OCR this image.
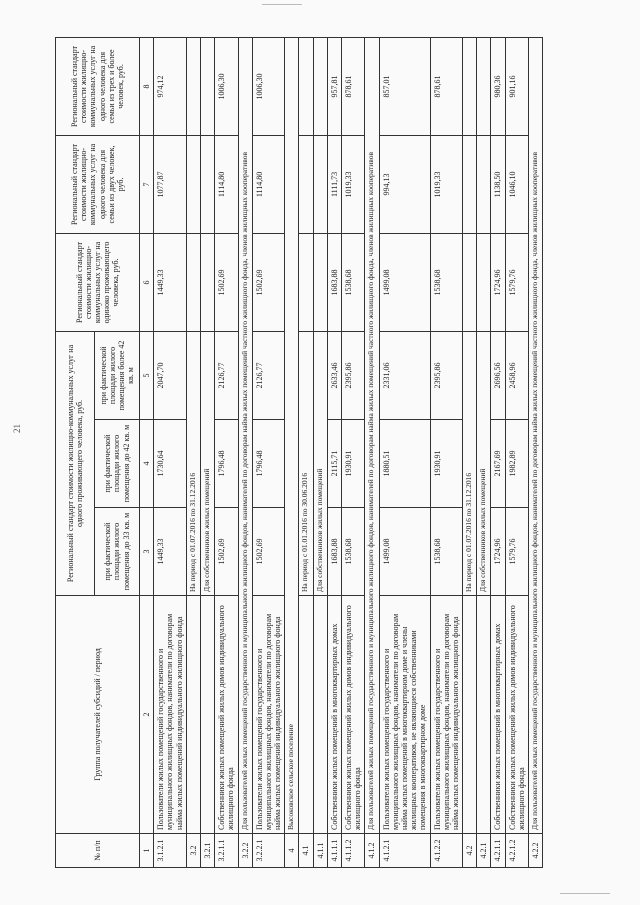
21
№ п/п	Группа получателей субсидий / период	Региональный стандарт стоимости жилищно-коммунальных услуг на одного проживающего человека, руб.			Региональный стандарт стоимости жилищно-коммунальных услуг на одиноко проживающего человека, руб.	Региональный стандарт стоимости жилищно-коммунальных услуг на одного человека для семьи из двух человек, руб.	Региональный стандарт стоимости жилищно-коммунальных услуг на одного человека для семьи из трех и более человек, руб.
		при фактической площади жилого помещения до 33 кв. м	при фактической площади жилого помещения до 42 кв. м	при фактической площади жилого помещения более 42 кв. м			
1	2	3	4	5	6	7	8
3.1.2.1	Пользователи жилых помещений государственного и муниципального жилищных фондов, наниматели по договорам найма жилых помещений индивидуального жилищного фонда	1449,33	1730,64	2047,70	1449,33	1077,87	974,12
3.2		На период с 01.07.2016 по 31.12.2016					
3.2.1		Для собственников жилых помещений					
3.2.1.1	Собственники жилых помещений жилых домов индивидуального жилищного фонда	1502,69	1796,48	2126,77	1502,69	1114,80	1006,30
3.2.2	Для пользователей жилых помещений государственного и муниципального жилищного фондов, нанимателей по договорам найма жилых помещений частного жилищного фонда, членов жилищных кооперативов						
3.2.2.1	Пользователи жилых помещений государственного и муниципального жилищных фондов, наниматели по договорам найма жилых помещений индивидуального жилищного фонда	1502,69	1796,48	2126,77	1502,69	1114,80	1006,30
4	Высоковское сельское поселение						
4.1		На период с 01.01.2016 по 30.06.2016					
4.1.1		Для собственников жилых помещений					
4.1.1.1	Собственники жилых помещений в многоквартирных домах	1683,88	2115,71	2633,46	1683,88	1111,73	957,81
4.1.1.2	Собственники жилых помещений жилых домов индивидуального жилищного фонда	1538,68	1930,91	2395,86	1538,68	1019,33	878,61
4.1.2	Для пользователей жилых помещений государственного и муниципального жилищного фондов, нанимателей по договорам найма жилых помещений частного жилищного фонда, членов жилищных кооперативов						
4.1.2.1	Пользователи жилых помещений государственного и муниципального жилищных фондов, наниматели по договорам найма жилых помещений в многоквартирном доме и члены жилищных кооперативов, не являющиеся собственниками помещения в многоквартирном доме	1499,08	1880,51	2331,06	1499,08	994,13	857,01
4.1.2.2	Пользователи жилых помещений государственного и муниципального жилищных фондов, наниматели по договорам найма жилых помещений индивидуального жилищного фонда	1538,68	1930,91	2395,86	1538,68	1019,33	878,61
4.2		На период с 01.07.2016 по 31.12.2016					
4.2.1		Для собственников жилых помещений					
4.2.1.1	Собственники жилых помещений в многоквартирных домах	1724,96	2167,69	2696,56	1724,96	1138,50	980,36
4.2.1.2	Собственники жилых помещений жилых домов индивидуального жилищного фонда	1579,76	1982,89	2458,96	1579,76	1046,10	901,16
4.2.2	Для пользователей жилых помещений государственного и муниципального жилищного фондов, нанимателей по договорам найма жилых помещений частного жилищного фонда, членов жилищных кооперативов						
